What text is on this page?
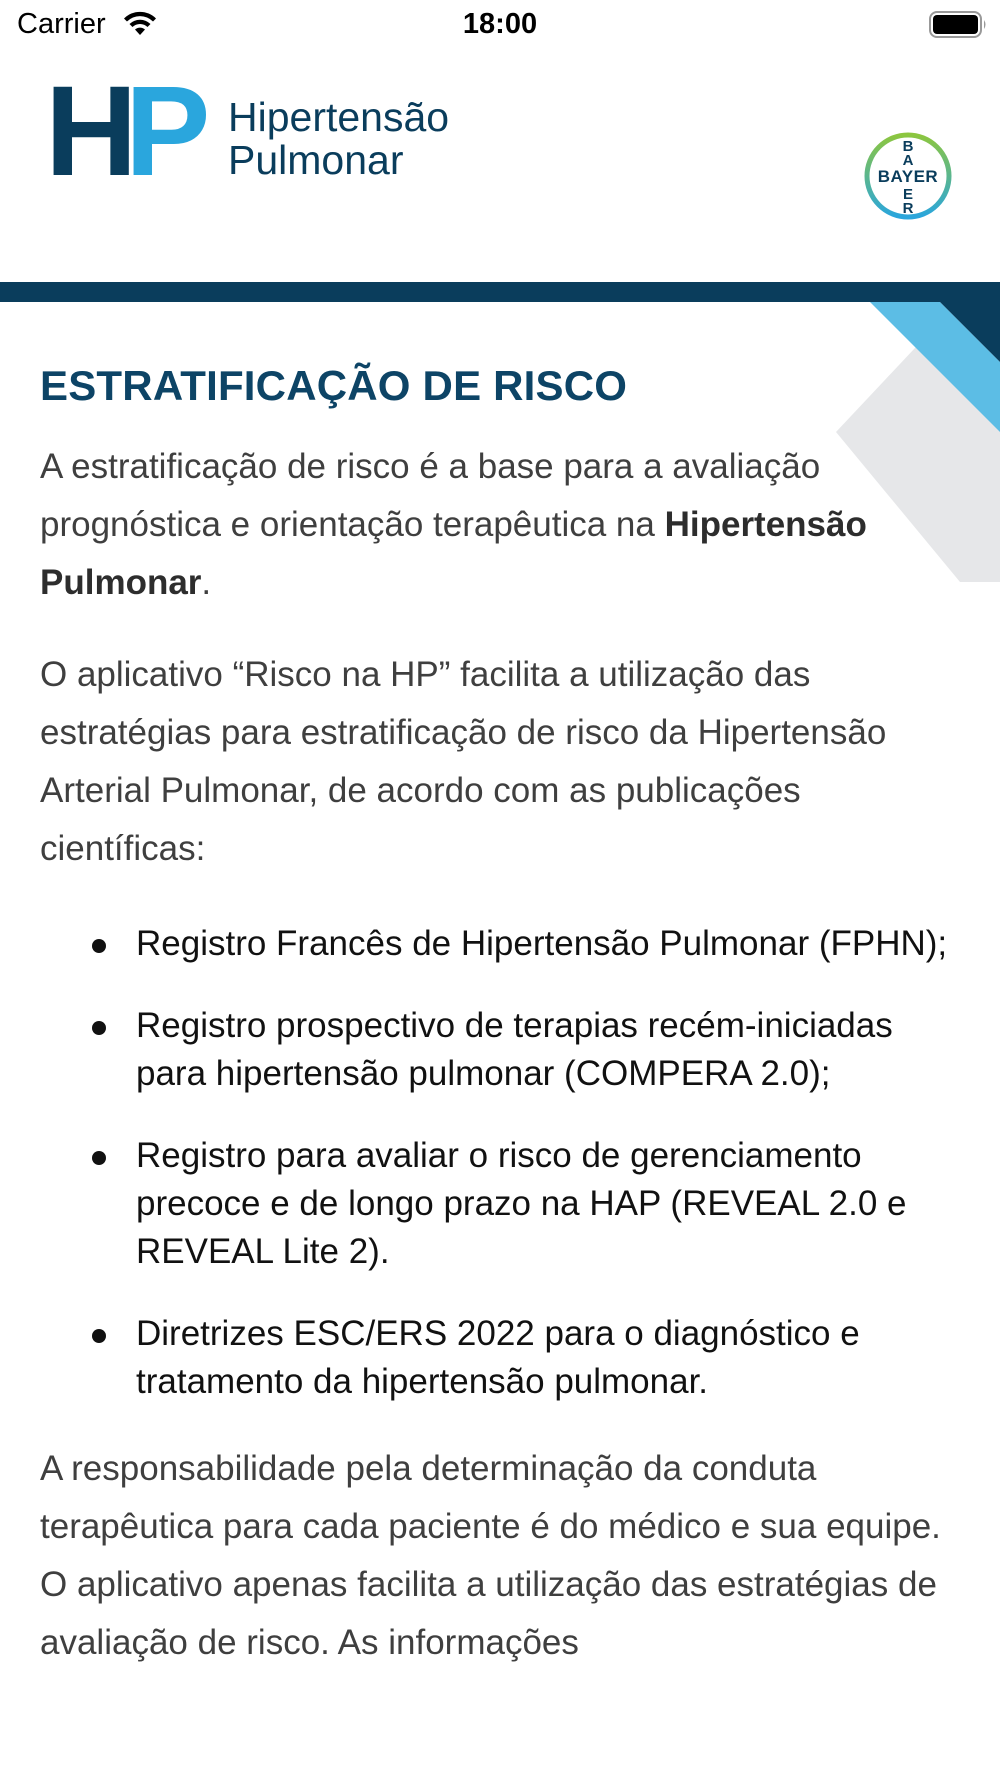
Carrier	18:00
H
P Hipertensão
Pulmonar	BAYER
B
A
E
R
ESTRATIFICAÇÃO DE RISCO

A estratificação de risco é a base para a avaliação prognóstica e orientação terapêutica na Hipertensão Pulmonar.

O aplicativo “Risco na HP” facilita a utilização das estratégias para estratificação de risco da Hipertensão Arterial Pulmonar, de acordo com as publicações científicas:

Registro Francês de Hipertensão Pulmonar (FPHN);
Registro prospectivo de terapias recém-iniciadas para hipertensão pulmonar (COMPERA 2.0);
Registro para avaliar o risco de gerenciamento precoce e de longo prazo na HAP (REVEAL 2.0 e REVEAL Lite 2).
Diretrizes ESC/ERS 2022 para o diagnóstico e tratamento da hipertensão pulmonar.

A responsabilidade pela determinação da conduta terapêutica para cada paciente é do médico e sua equipe. O aplicativo apenas facilita a utilização das estratégias de avaliação de risco. As informações
